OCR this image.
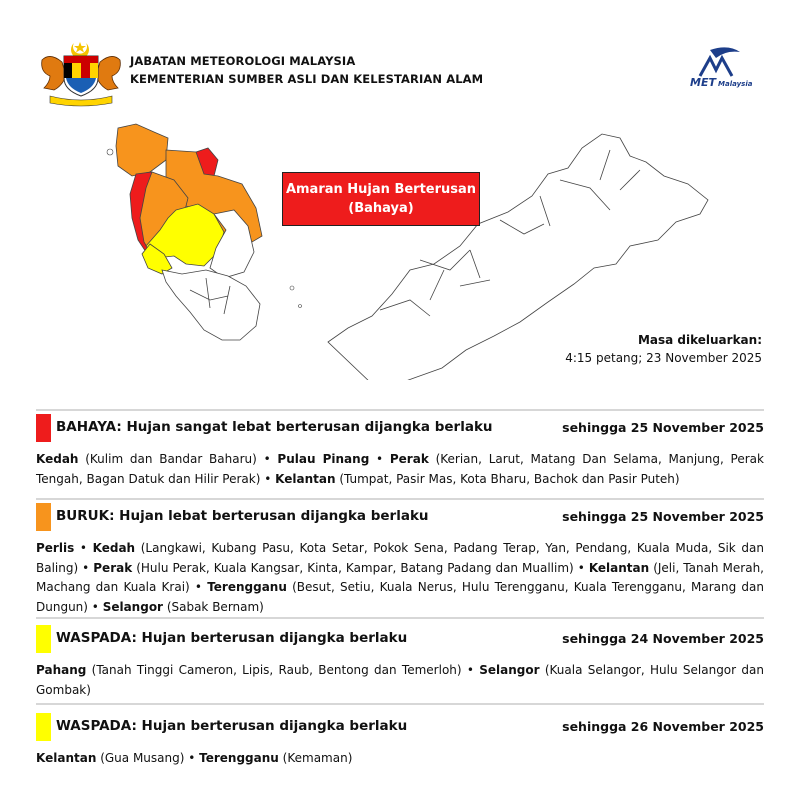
JABATAN METEOROLOGI MALAYSIA
KEMENTERIAN SUMBER ASLI DAN KELESTARIAN ALAM	MET Malaysia
Amaran Hujan Berterusan
(Bahaya)
Masa dikeluarkan:
4:15 petang; 23 November 2025
BAHAYA: Hujan sangat lebat berterusan dijangka berlaku	sehingga 25 November 2025
Kedah (Kulim dan Bandar Baharu) • Pulau Pinang • Perak (Kerian, Larut, Matang Dan Selama, Manjung, Perak Tengah, Bagan Datuk dan Hilir Perak) • Kelantan (Tumpat, Pasir Mas, Kota Bharu, Bachok dan Pasir Puteh)
BURUK: Hujan lebat berterusan dijangka berlaku	sehingga 25 November 2025
Perlis • Kedah (Langkawi, Kubang Pasu, Kota Setar, Pokok Sena, Padang Terap, Yan, Pendang, Kuala Muda, Sik dan Baling) • Perak (Hulu Perak, Kuala Kangsar, Kinta, Kampar, Batang Padang dan Muallim) • Kelantan (Jeli, Tanah Merah, Machang dan Kuala Krai) • Terengganu (Besut, Setiu, Kuala Nerus, Hulu Terengganu, Kuala Terengganu, Marang dan Dungun) • Selangor (Sabak Bernam)
WASPADA: Hujan berterusan dijangka berlaku	sehingga 24 November 2025
Pahang (Tanah Tinggi Cameron, Lipis, Raub, Bentong dan Temerloh) • Selangor (Kuala Selangor, Hulu Selangor dan Gombak)
WASPADA: Hujan berterusan dijangka berlaku	sehingga 26 November 2025
Kelantan (Gua Musang) • Terengganu (Kemaman)
